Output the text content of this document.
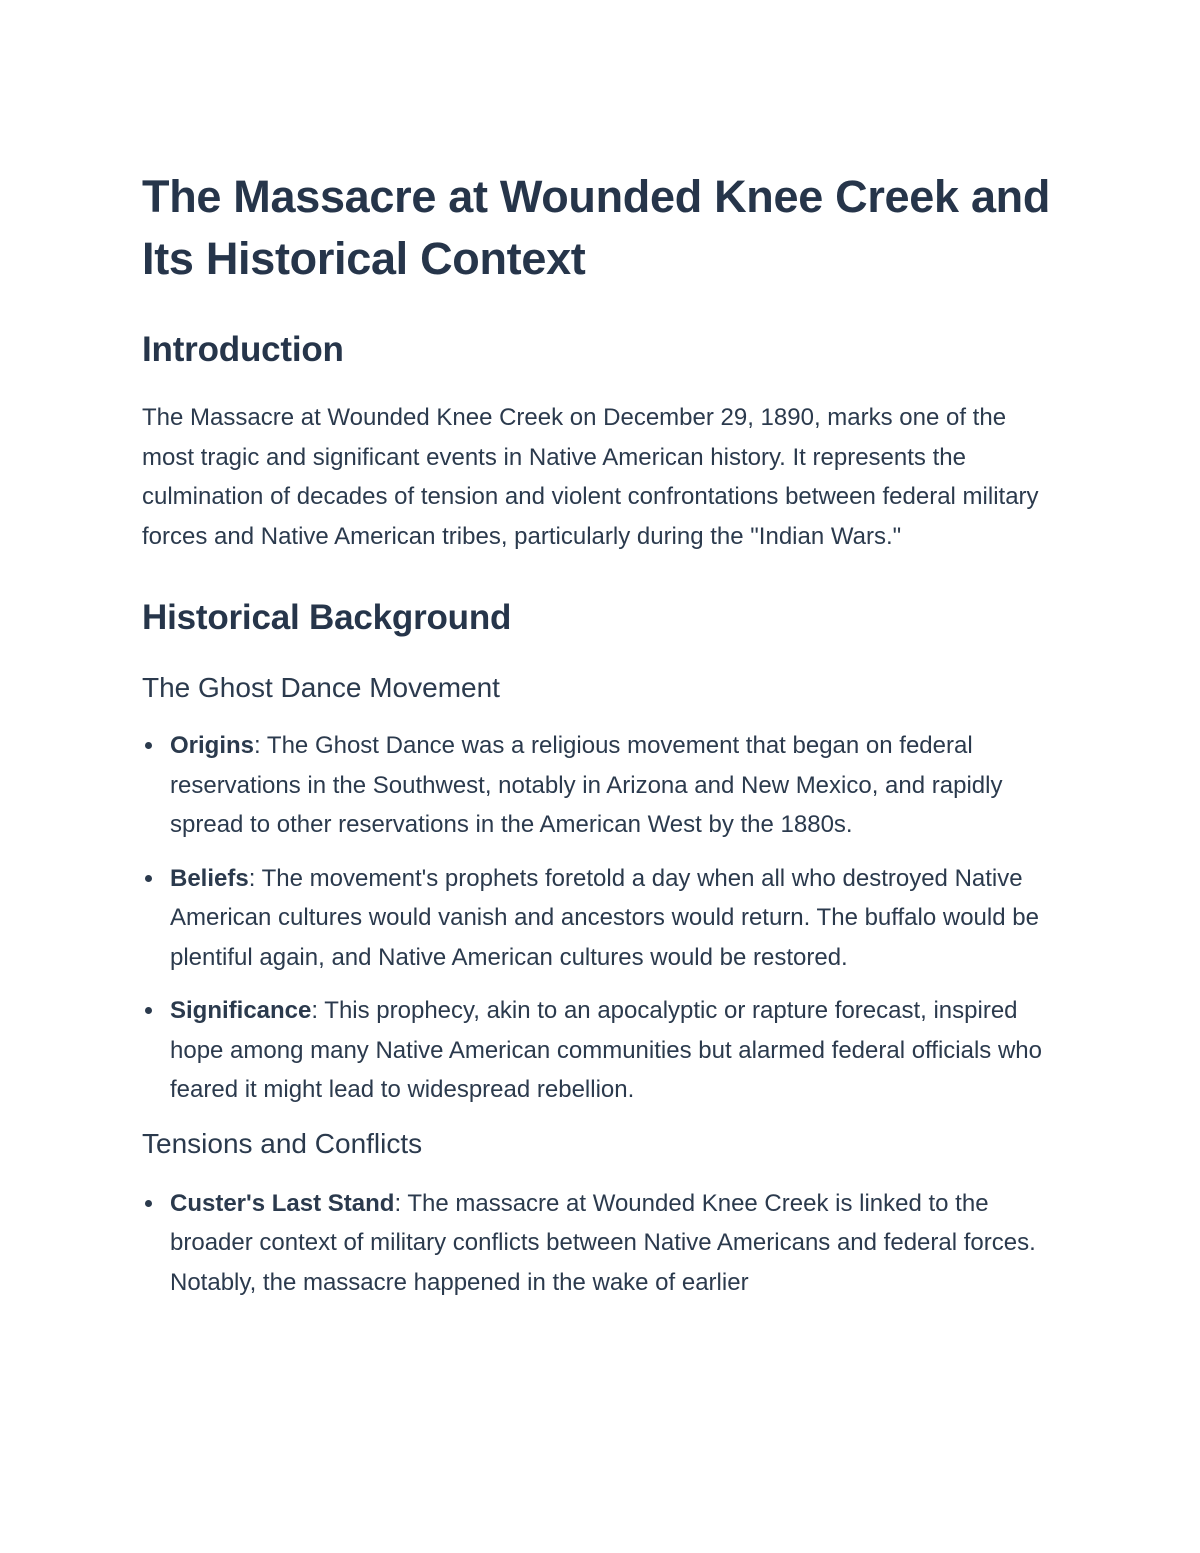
The Massacre at Wounded Knee Creek and Its Historical Context
Introduction

The Massacre at Wounded Knee Creek on December 29, 1890, marks one of the most tragic and significant events in Native American history. It represents the culmination of decades of tension and violent confrontations between federal military forces and Native American tribes, particularly during the "Indian Wars."

Historical Background
The Ghost Dance Movement
Origins: The Ghost Dance was a religious movement that began on federal reservations in the Southwest, notably in Arizona and New Mexico, and rapidly spread to other reservations in the American West by the 1880s.
Beliefs: The movement's prophets foretold a day when all who destroyed Native American cultures would vanish and ancestors would return. The buffalo would be plentiful again, and Native American cultures would be restored.
Significance: This prophecy, akin to an apocalyptic or rapture forecast, inspired hope among many Native American communities but alarmed federal officials who feared it might lead to widespread rebellion.
Tensions and Conflicts
Custer's Last Stand: The massacre at Wounded Knee Creek is linked to the broader context of military conflicts between Native Americans and federal forces. Notably, the massacre happened in the wake of earlier
